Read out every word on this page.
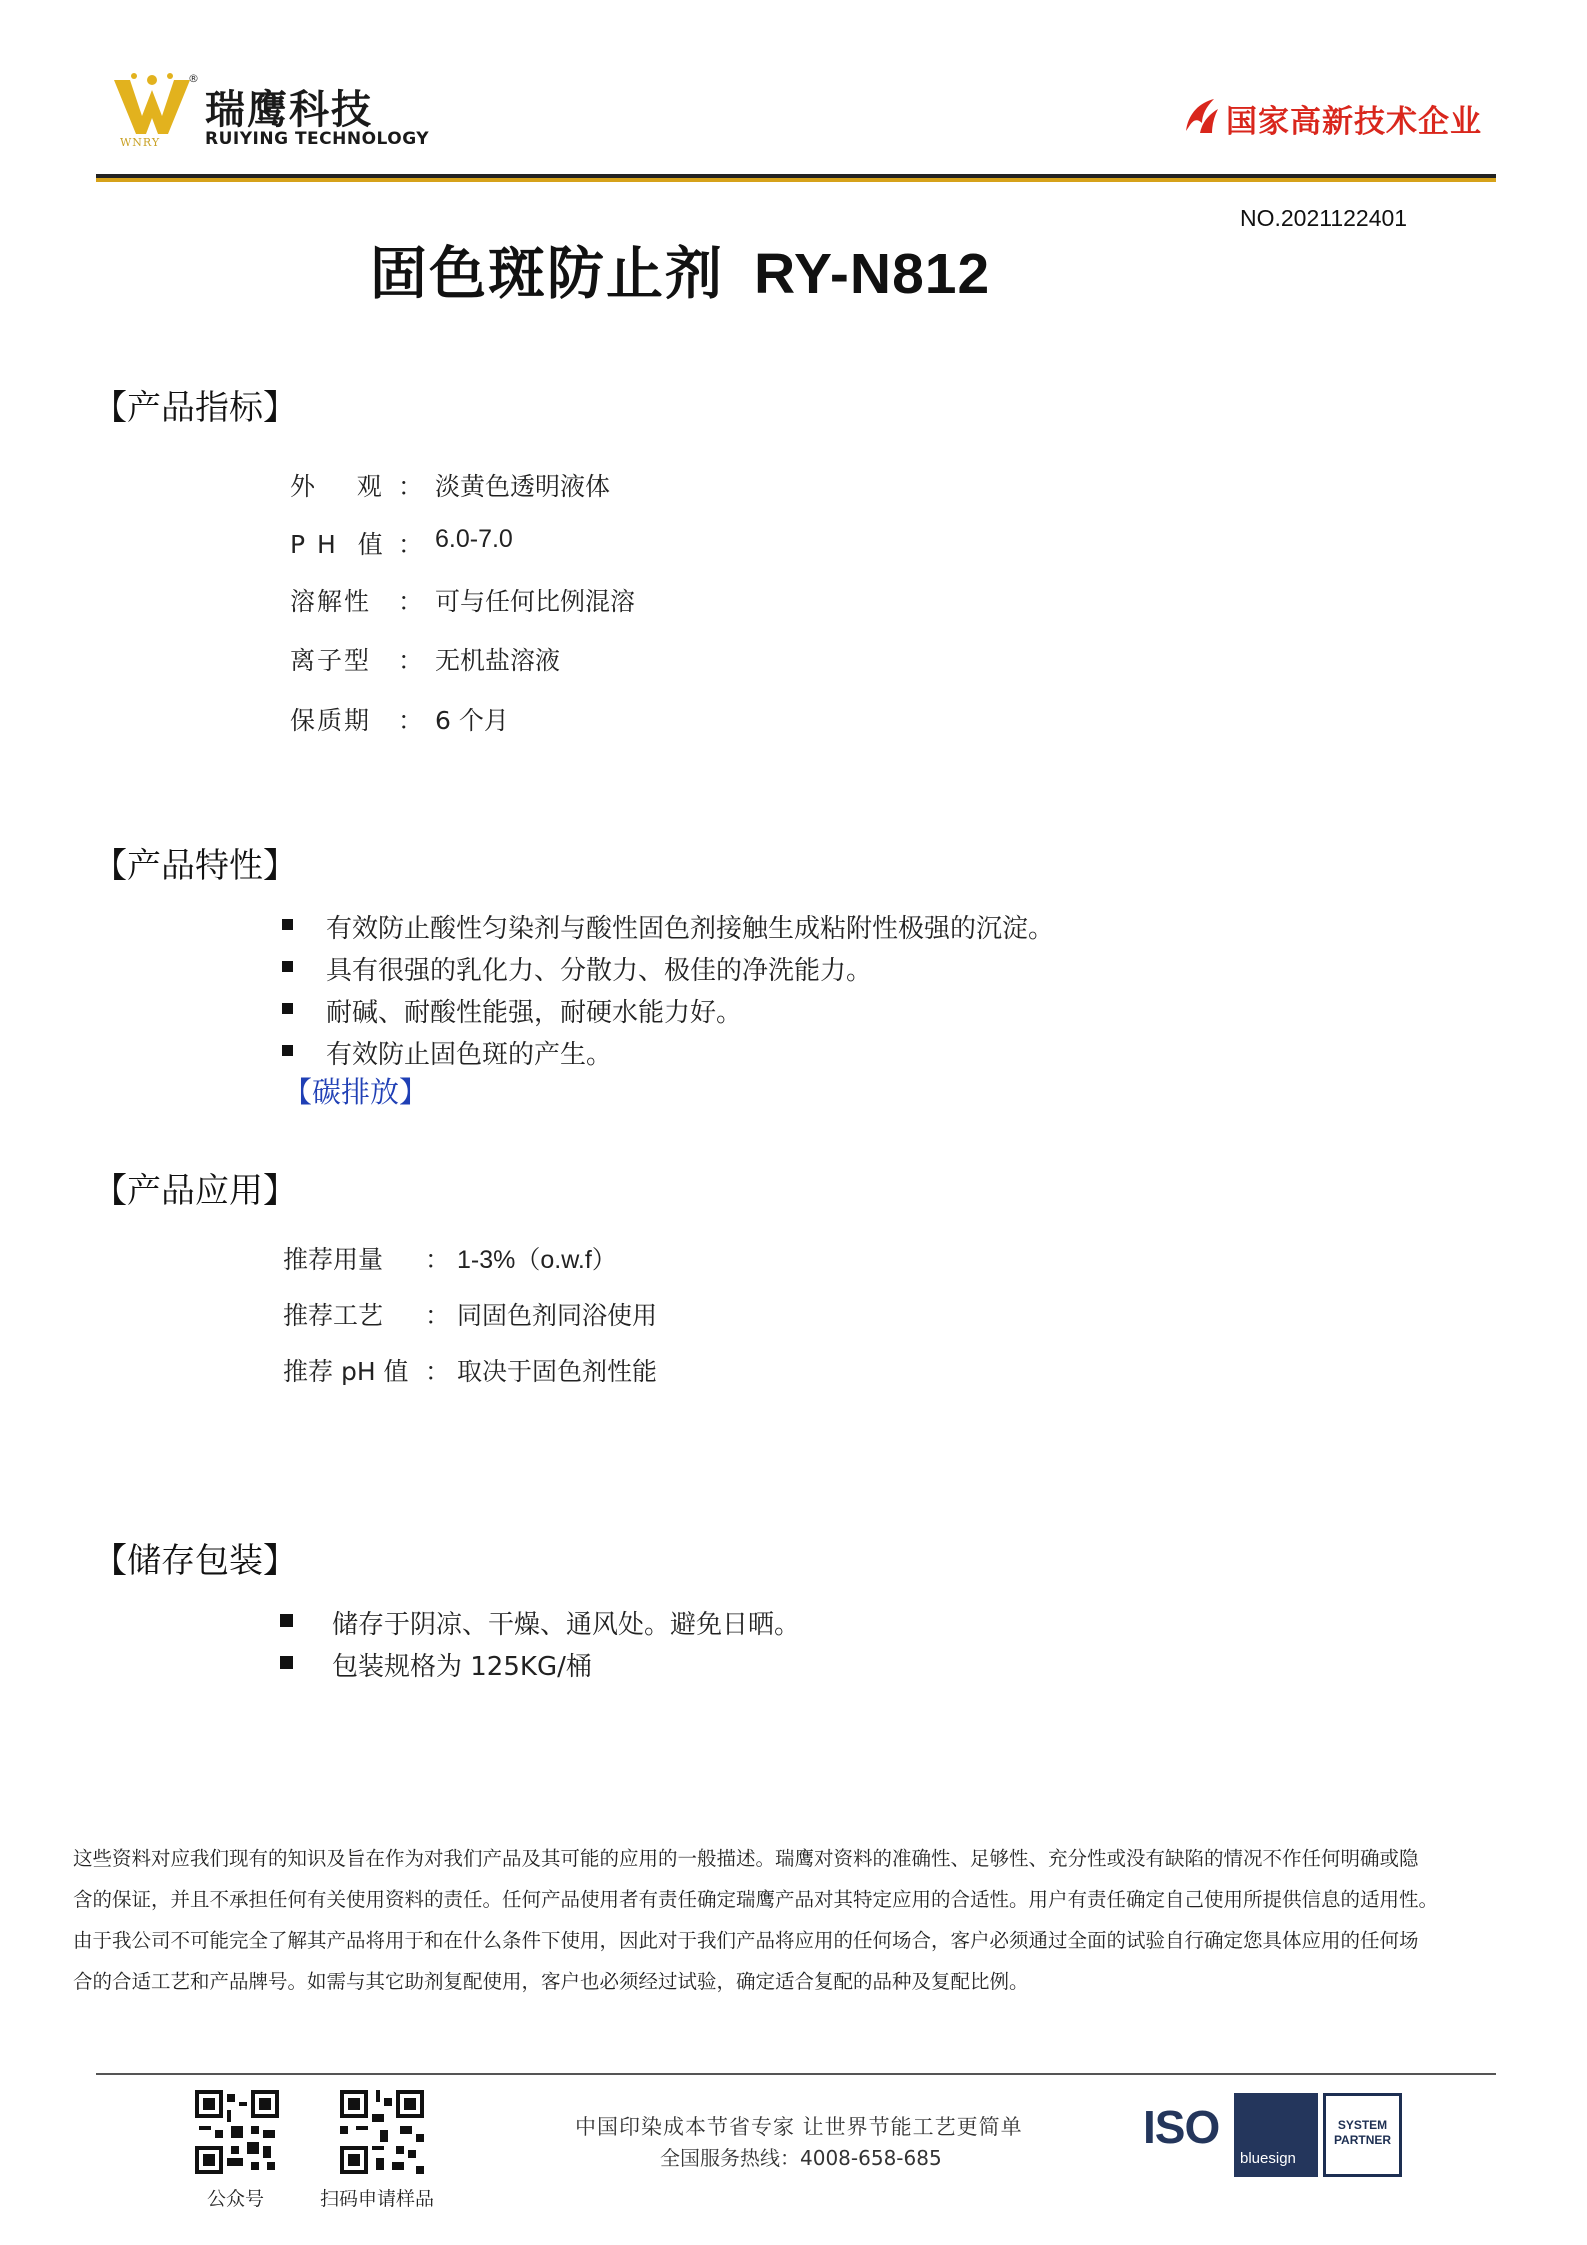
®
WNRY
瑞鹰科技
RUIYING TECHNOLOGY	国家高新技术企业
NO.2021122401
固色斑防止剂 RY-N812
【产品指标】
外    观 ： 淡黄色透明液体
P H  值 ： 6.0-7.0
溶解性 ： 可与任何比例混溶
离子型 ： 无机盐溶液
保质期 ： 6 个月
【产品特性】
有效防止酸性匀染剂与酸性固色剂接触生成粘附性极强的沉淀。
具有很强的乳化力、分散力、极佳的净洗能力。
耐碱、耐酸性能强，耐硬水能力好。
有效防止固色斑的产生。
【碳排放】
【产品应用】
推荐用量 ： 1-3%（o.w.f）
推荐工艺 ： 同固色剂同浴使用
推荐 pH 值 ： 取决于固色剂性能
【储存包装】
储存于阴凉、干燥、通风处。避免日晒。
包装规格为 125KG/桶

这些资料对应我们现有的知识及旨在作为对我们产品及其可能的应用的一般描述。瑞鹰对资料的准确性、足够性、充分性或没有缺陷的情况不作任何明确或隐

含的保证，并且不承担任何有关使用资料的责任。任何产品使用者有责任确定瑞鹰产品对其特定应用的合适性。用户有责任确定自己使用所提供信息的适用性。

由于我公司不可能完全了解其产品将用于和在什么条件下使用，因此对于我们产品将应用的任何场合，客户必须通过全面的试验自行确定您具体应用的任何场

合的合适工艺和产品牌号。如需与其它助剂复配使用，客户也必须经过试验，确定适合复配的品种及复配比例。

公众号	扫码申请样品
中国印染成本节省专家 让世界节能工艺更简单
全国服务热线：4008-658-685
ISO
bluesign
SYSTEM
PARTNER
